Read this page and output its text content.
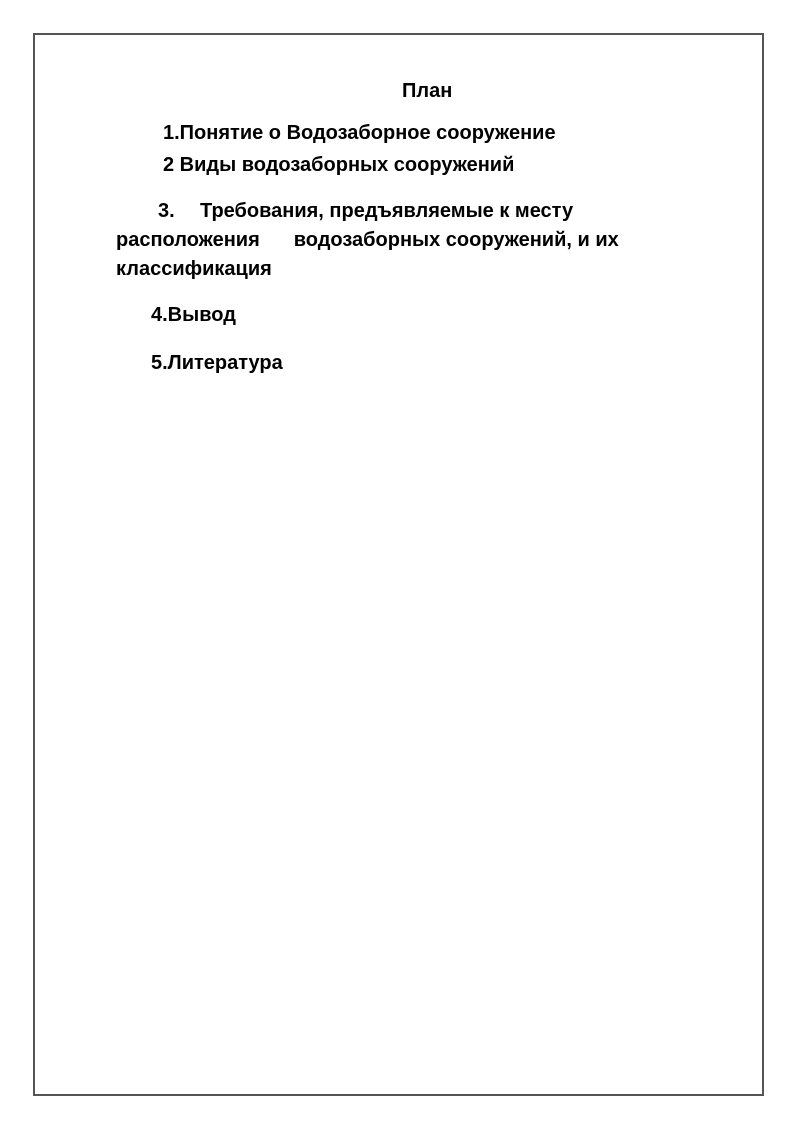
План
1.Понятие о Водозаборное сооружение
2 Виды водозаборных сооружений
3. Требования, предъявляемые к месту
расположения водозаборных сооружений, и их
классификация
4.Вывод
5.Литература
